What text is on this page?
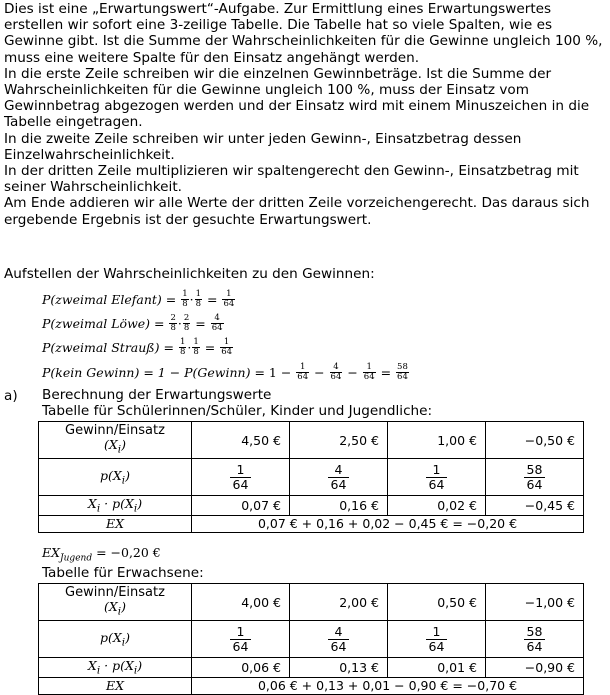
Dies ist eine „Erwartungswert“-Aufgabe. Zur Ermittlung eines Erwartungswertes erstellen wir sofort eine 3-zeilige Tabelle. Die Tabelle hat so viele Spalten, wie es Gewinne gibt. Ist die Summe der Wahrscheinlichkeiten für die Gewinne ungleich 100 %, muss eine weitere Spalte für den Einsatz angehängt werden.

In die erste Zeile schreiben wir die einzelnen Gewinnbeträge. Ist die Summe der Wahrscheinlichkeiten für die Gewinne ungleich 100 %, muss der Einsatz vom Gewinnbetrag abgezogen werden und der Einsatz wird mit einem Minuszeichen in die Tabelle eingetragen.

In die zweite Zeile schreiben wir unter jeden Gewinn-, Einsatzbetrag dessen Einzelwahrscheinlichkeit.

In der dritten Zeile multiplizieren wir spaltengerecht den Gewinn-, Einsatzbetrag mit seiner Wahrscheinlichkeit.

Am Ende addieren wir alle Werte der dritten Zeile vorzeichengerecht. Das daraus sich ergebende Ergebnis ist der gesuchte Erwartungswert.

Aufstellen der Wahrscheinlichkeiten zu den Gewinnen:
P(zweimal Elefant) = $\frac{1}{8} \cdot \frac{1}{8} = \frac{1}{64}$
P(zweimal Löwe) = $\frac{2}{8} \cdot \frac{2}{8} = \frac{4}{64}$
P(zweimal Strauß) = $\frac{1}{8} \cdot \frac{1}{8} = \frac{1}{64}$
P(kein Gewinn) = 1 − P(Gewinn) = $1 - \frac{1}{64} - \frac{4}{64} - \frac{1}{64} = \frac{58}{64}$
a) Berechnung der Erwartungswerte
Tabelle für Schülerinnen/Schüler, Kinder und Jugendliche:
Gewinn/Einsatz
$(X_i)$	4,50 €	2,50 €	1,00 €	−0,50 €
$p(X_i)$	$\frac{1}{64}$	$\frac{4}{64}$	$\frac{1}{64}$	$\frac{58}{64}$

$X_i \cdot p(X_i)$	0,07 €	0,16 €	0,02 €	−0,45 €
EX	0,07 € + 0,16 + 0,02 − 0,45 € = −0,20 €			
$EX_{Jugend} = -0,20$ €
Tabelle für Erwachsene:
Gewinn/Einsatz
$(X_i)$	4,00 €	2,00 €	0,50 €	−1,00 €
$p(X_i)$	$\frac{1}{64}$	$\frac{4}{64}$	$\frac{1}{64}$	$\frac{58}{64}$

$X_i \cdot p(X_i)$	0,06 €	0,13 €	0,01 €	−0,90 €
EX	0,06 € + 0,13 + 0,01 − 0,90 € = −0,70 €			
